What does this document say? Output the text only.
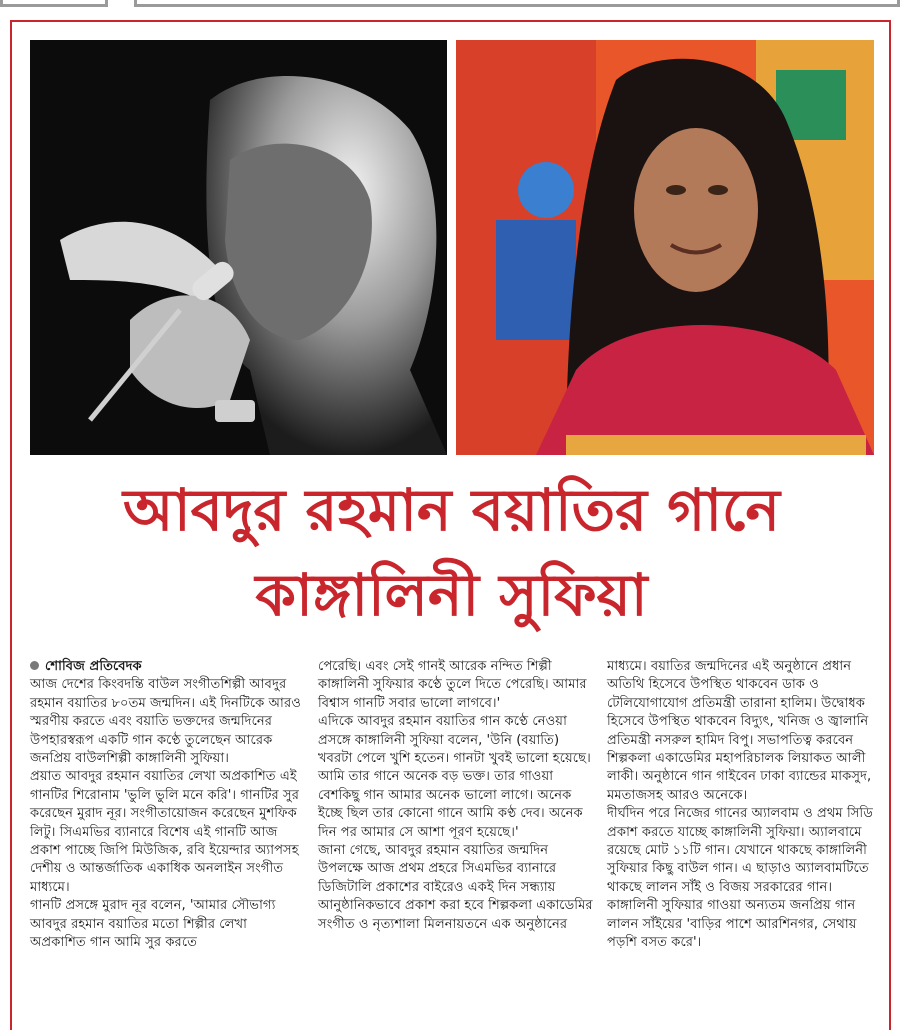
আবদুর রহমান বয়াতির গানে
কাঙ্গালিনী সুফিয়া

শোবিজ প্রতিবেদক

আজ দেশের কিংবদন্তি বাউল সংগীতশিল্পী আবদুর রহমান বয়াতির ৮০তম জন্মদিন। এই দিনটিকে আরও স্মরণীয় করতে এবং বয়াতি ভক্তদের জন্মদিনের উপহারস্বরূপ একটি গান কণ্ঠে তুলেছেন আরেক জনপ্রিয় বাউলশিল্পী কাঙ্গালিনী সুফিয়া।

প্রয়াত আবদুর রহমান বয়াতির লেখা অপ্রকাশিত এই গানটির শিরোনাম 'ভুলি ভুলি মনে করি'। গানটির সুর করেছেন মুরাদ নূর। সংগীতায়োজন করেছেন মুশফিক লিটু। সিএমভির ব্যানারে বিশেষ এই গানটি আজ প্রকাশ পাচ্ছে জিপি মিউজিক, রবি ইয়েন্দার অ্যাপসহ দেশীয় ও আন্তর্জাতিক একাধিক অনলাইন সংগীত মাধ্যমে।

গানটি প্রসঙ্গে মুরাদ নূর বলেন, 'আমার সৌভাগ্য আবদুর রহমান বয়াতির মতো শিল্পীর লেখা অপ্রকাশিত গান আমি সুর করতে

পেরেছি। এবং সেই গানই আরেক নন্দিত শিল্পী কাঙ্গালিনী সুফিয়ার কণ্ঠে তুলে দিতে পেরেছি। আমার বিশ্বাস গানটি সবার ভালো লাগবে।'

এদিকে আবদুর রহমান বয়াতির গান কণ্ঠে নেওয়া প্রসঙ্গে কাঙ্গালিনী সুফিয়া বলেন, 'উনি (বয়াতি) খবরটা পেলে খুশি হতেন। গানটা খুবই ভালো হয়েছে। আমি তার গানে অনেক বড় ভক্ত। তার গাওয়া বেশকিছু গান আমার অনেক ভালো লাগে। অনেক ইচ্ছে ছিল তার কোনো গানে আমি কণ্ঠ দেব। অনেক দিন পর আমার সে আশা পূরণ হয়েছে।'

জানা গেছে, আবদুর রহমান বয়াতির জন্মদিন উপলক্ষে আজ প্রথম প্রহরে সিএমভির ব্যানারে ডিজিটালি প্রকাশের বাইরেও একই দিন সন্ধ্যায় আনুষ্ঠানিকভাবে প্রকাশ করা হবে শিল্পকলা একাডেমির সংগীত ও নৃত্যশালা মিলনায়তনে এক অনুষ্ঠানের

মাধ্যমে। বয়াতির জন্মদিনের এই অনুষ্ঠানে প্রধান অতিথি হিসেবে উপস্থিত থাকবেন ডাক ও টেলিযোগাযোগ প্রতিমন্ত্রী তারানা হালিম। উদ্বোধক হিসেবে উপস্থিত থাকবেন বিদ্যুৎ, খনিজ ও জ্বালানি প্রতিমন্ত্রী নসরুল হামিদ বিপু। সভাপতিত্ব করবেন শিল্পকলা একাডেমির মহাপরিচালক লিয়াকত আলী লাকী। অনুষ্ঠানে গান গাইবেন ঢাকা ব্যান্ডের মাকসুদ, মমতাজসহ আরও অনেকে।

দীর্ঘদিন পরে নিজের গানের অ্যালবাম ও প্রথম সিডি প্রকাশ করতে যাচ্ছে কাঙ্গালিনী সুফিয়া। অ্যালবামে রয়েছে মোট ১১টি গান। যেখানে থাকছে কাঙ্গালিনী সুফিয়ার কিছু বাউল গান। এ ছাড়াও অ্যালবামটিতে থাকছে লালন সাঁই ও বিজয় সরকারের গান।

কাঙ্গালিনী সুফিয়ার গাওয়া অন্যতম জনপ্রিয় গান লালন সাঁইয়ের 'বাড়ির পাশে আরশিনগর, সেথায় পড়শি বসত করে'।
